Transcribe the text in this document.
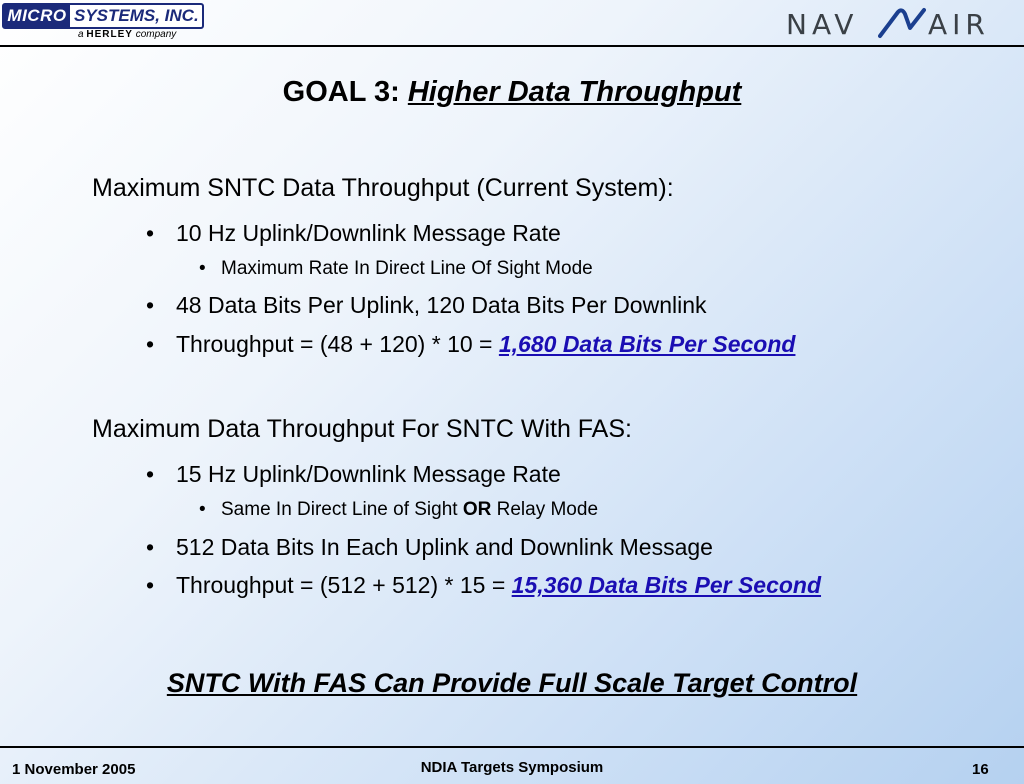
MICRO SYSTEMS, INC.
a HERLEY company	NAV AIR
GOAL 3: Higher Data Throughput
Maximum SNTC Data Throughput (Current System):
• 10 Hz Uplink/Downlink Message Rate
• Maximum Rate In Direct Line Of Sight Mode
• 48 Data Bits Per Uplink, 120 Data Bits Per Downlink
• Throughput = (48 + 120) * 10 = 1,680 Data Bits Per Second
Maximum Data Throughput For SNTC With FAS:
• 15 Hz Uplink/Downlink Message Rate
• Same In Direct Line of Sight OR Relay Mode
• 512 Data Bits In Each Uplink and Downlink Message
• Throughput = (512 + 512) * 15 = 15,360 Data Bits Per Second
SNTC With FAS Can Provide Full Scale Target Control
1 November 2005	NDIA Targets Symposium	16
